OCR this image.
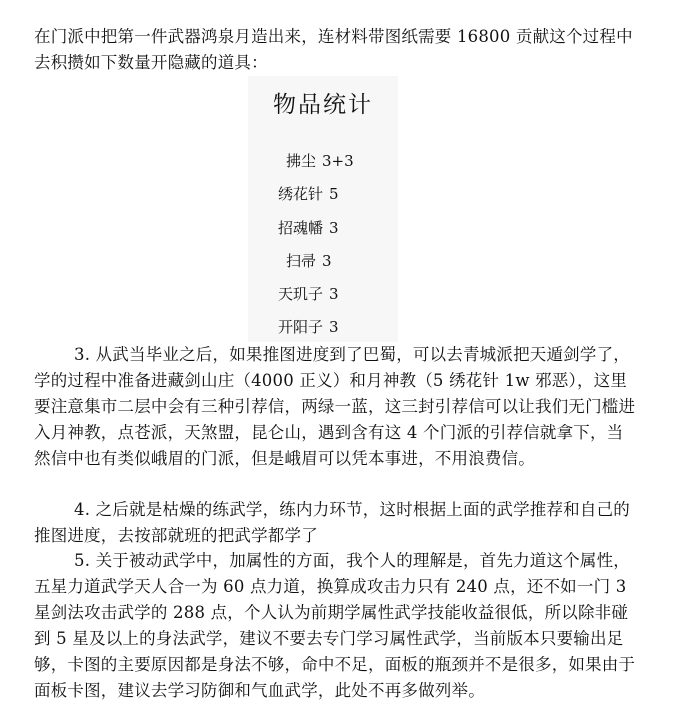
在门派中把第一件武器鸿泉月造出来，连材料带图纸需要 16800 贡献这个过程中去积攒如下数量开隐藏的道具：

物品统计
拂尘 3+3
绣花针 5
招魂幡 3
扫帚 3
天玑子 3
开阳子 3

3. 从武当毕业之后，如果推图进度到了巴蜀，可以去青城派把天遁剑学了，学的过程中准备进藏剑山庄（4000 正义）和月神教（5 绣花针 1w 邪恶），这里要注意集市二层中会有三种引荐信，两绿一蓝，这三封引荐信可以让我们无门槛进入月神教，点苍派，天煞盟，昆仑山，遇到含有这 4 个门派的引荐信就拿下，当然信中也有类似峨眉的门派，但是峨眉可以凭本事进，不用浪费信。

4. 之后就是枯燥的练武学，练内力环节，这时根据上面的武学推荐和自己的推图进度，去按部就班的把武学都学了

5. 关于被动武学中，加属性的方面，我个人的理解是，首先力道这个属性，五星力道武学天人合一为 60 点力道，换算成攻击力只有 240 点，还不如一门 3 星剑法攻击武学的 288 点，个人认为前期学属性武学技能收益很低，所以除非碰到 5 星及以上的身法武学，建议不要去专门学习属性武学，当前版本只要输出足够，卡图的主要原因都是身法不够，命中不足，面板的瓶颈并不是很多，如果由于面板卡图，建议去学习防御和气血武学，此处不再多做列举。
